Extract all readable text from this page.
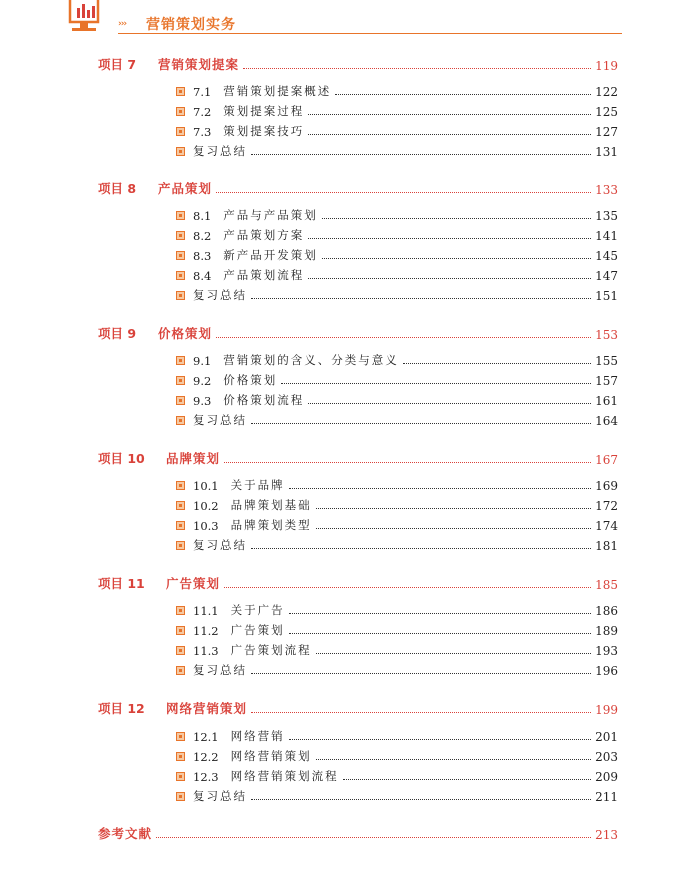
››› 营销策划实务
项目 7	营销策划提案	119
7.1 营销策划提案概述	122
7.2 策划提案过程	125
7.3 策划提案技巧	127
复习总结	131
项目 8	产品策划	133
8.1 产品与产品策划	135
8.2 产品策划方案	141
8.3 新产品开发策划	145
8.4 产品策划流程	147
复习总结	151
项目 9	价格策划	153
9.1 营销策划的含义、分类与意义	155
9.2 价格策划	157
9.3 价格策划流程	161
复习总结	164
项目 10	品牌策划	167
10.1 关于品牌	169
10.2 品牌策划基础	172
10.3 品牌策划类型	174
复习总结	181
项目 11	广告策划	185
11.1 关于广告	186
11.2 广告策划	189
11.3 广告策划流程	193
复习总结	196
项目 12	网络营销策划	199
12.1 网络营销	201
12.2 网络营销策划	203
12.3 网络营销策划流程	209
复习总结	211
参考文献	213
